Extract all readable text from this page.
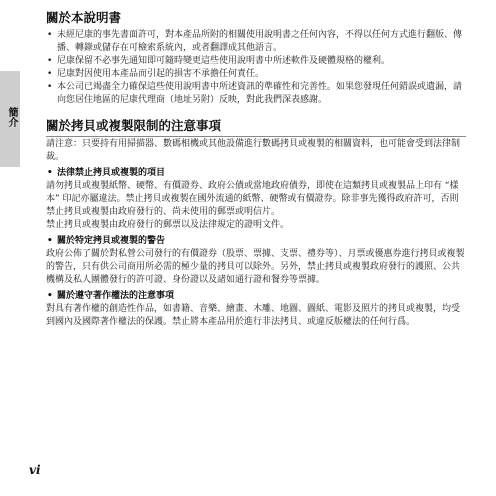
簡介
關於本說明書
• 未經尼康的事先書面許可，對本產品所附的相關使用說明書之任何內容，不得以任何方式進行翻版、傳播、轉錄或儲存在可檢索系統內，或者翻譯成其他語言。
• 尼康保留不必事先通知即可隨時變更這些使用說明書中所述軟件及硬體規格的權利。
• 尼康對因使用本產品而引起的損害不承擔任何責任。
• 本公司已竭盡全力確保這些使用說明書中所述資訊的準確性和完善性。如果您發現任何錯誤或遺漏，請向您居住地區的尼康代理商（地址另附）反映，對此我們深表感謝。
關於拷貝或複製限制的注意事項

請注意：只要持有用掃描器、數碼相機或其他設備進行數碼拷貝或複製的相關資料，也可能會受到法律制裁。

• 法律禁止拷貝或複製的項目

請勿拷貝或複製紙幣、硬幣、有價證券、政府公債或當地政府債券，即使在這類拷貝或複製品上印有 “樣本” 印記亦屬違法。禁止拷貝或複製在國外流通的紙幣、硬幣或有價證券。除非事先獲得政府許可，否則禁止拷貝或複製由政府發行的、尚未使用的郵票或明信片。

禁止拷貝或複製由政府發行的郵票以及法律規定的證明文件。

• 關於特定拷貝或複製的警告

政府公佈了關於對私營公司發行的有價證券（股票、票據、支票、禮券等）、月票或優惠券進行拷貝或複製的警告，只有供公司商用所必需的極少量的拷貝可以除外。另外，禁止拷貝或複製政府發行的護照、公共機構及私人團體發行的許可證、身份證以及諸如通行證和餐券等票據。

• 關於遵守著作權法的注意事項

對具有著作權的創造性作品，如書籍、音樂、繪畫、木雕、地圖、圖紙、電影及照片的拷貝或複製，均受到國內及國際著作權法的保護。禁止將本產品用於進行非法拷貝、或違反版權法的任何行爲。

vi
